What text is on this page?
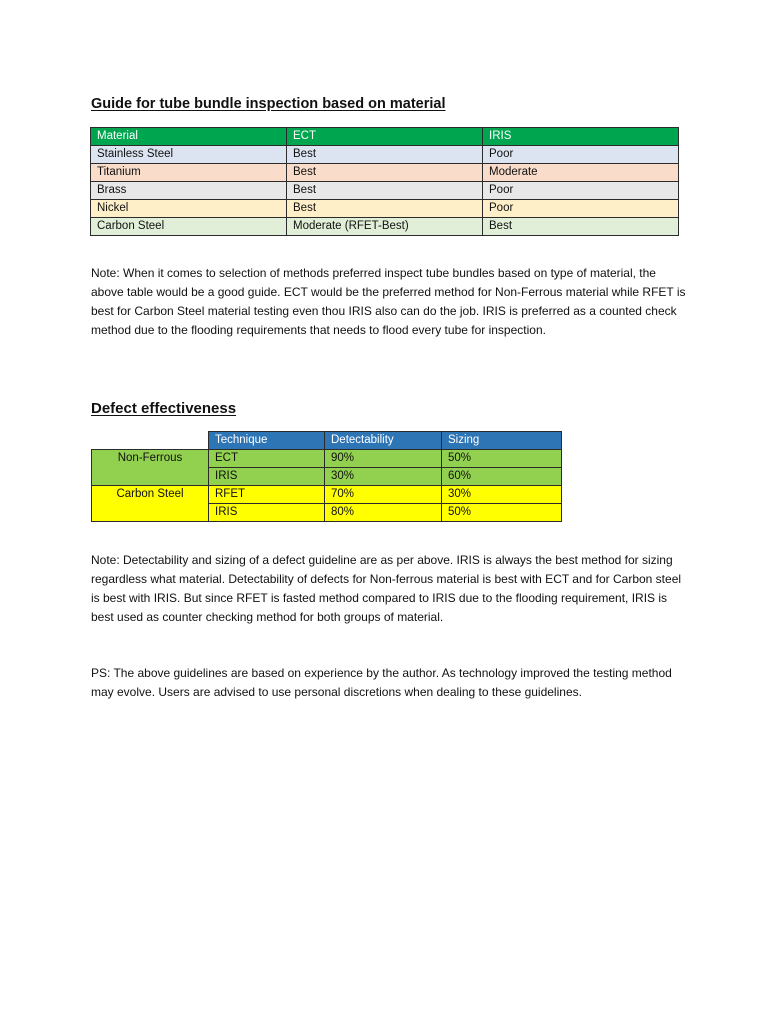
Guide for tube bundle inspection based on material
Material	ECT	IRIS
Stainless Steel	Best	Poor
Titanium	Best	Moderate
Brass	Best	Poor
Nickel	Best	Poor
Carbon Steel	Moderate (RFET-Best)	Best

Note: When it comes to selection of methods preferred inspect tube bundles based on type of material, the above table would be a good guide. ECT would be the preferred method for Non-Ferrous material while RFET is best for Carbon Steel material testing even thou IRIS also can do the job. IRIS is preferred as a counted check method due to the flooding requirements that needs to flood every tube for inspection.

Defect effectiveness
	Technique	Detectability	Sizing
Non-Ferrous	ECT	90%	50%
	IRIS	30%	60%
Carbon Steel	RFET	70%	30%
	IRIS	80%	50%

Note: Detectability and sizing of a defect guideline are as per above. IRIS is always the best method for sizing regardless what material. Detectability of defects for Non-ferrous material is best with ECT and for Carbon steel is best with IRIS. But since RFET is fasted method compared to IRIS due to the flooding requirement, IRIS is best used as counter checking method for both groups of material.

PS: The above guidelines are based on experience by the author. As technology improved the testing method may evolve. Users are advised to use personal discretions when dealing to these guidelines.
